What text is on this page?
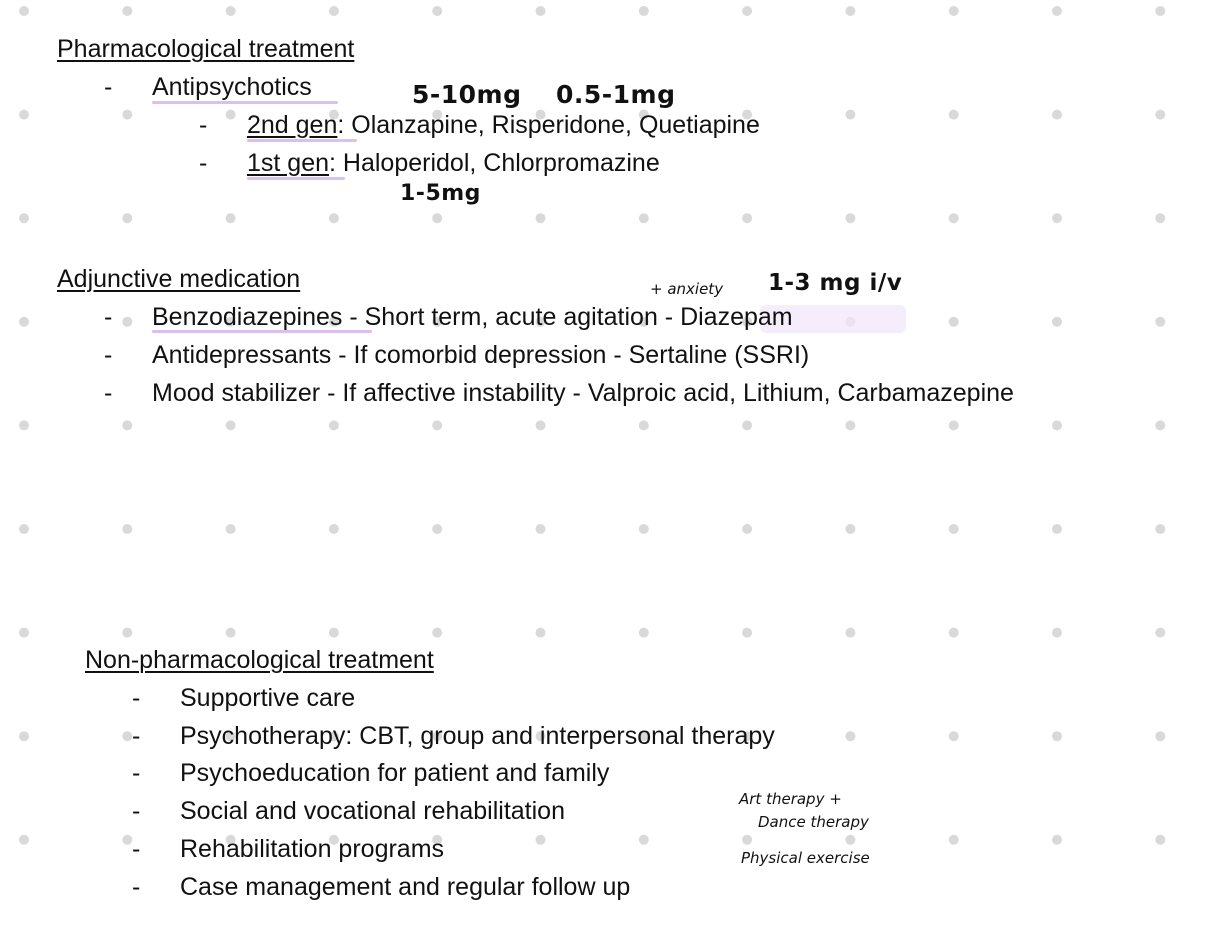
Pharmacological treatment
- Antipsychotics
- 2nd gen: Olanzapine, Risperidone, Quetiapine
- 1st gen: Haloperidol, Chlorpromazine
5-10mg 0.5-1mg
1-5mg
Adjunctive medication	+ anxiety 1-3 mg i/v
- Benzodiazepines - Short term, acute agitation - Diazepam
- Antidepressants - If comorbid depression - Sertaline (SSRI)
- Mood stabilizer - If affective instability - Valproic acid, Lithium, Carbamazepine
Non-pharmacological treatment
- Supportive care
- Psychotherapy: CBT, group and interpersonal therapy
- Psychoeducation for patient and family
- Social and vocational rehabilitation
- Rehabilitation programs
- Case management and regular follow up
Art therapy +
Dance therapy
Physical exercise
